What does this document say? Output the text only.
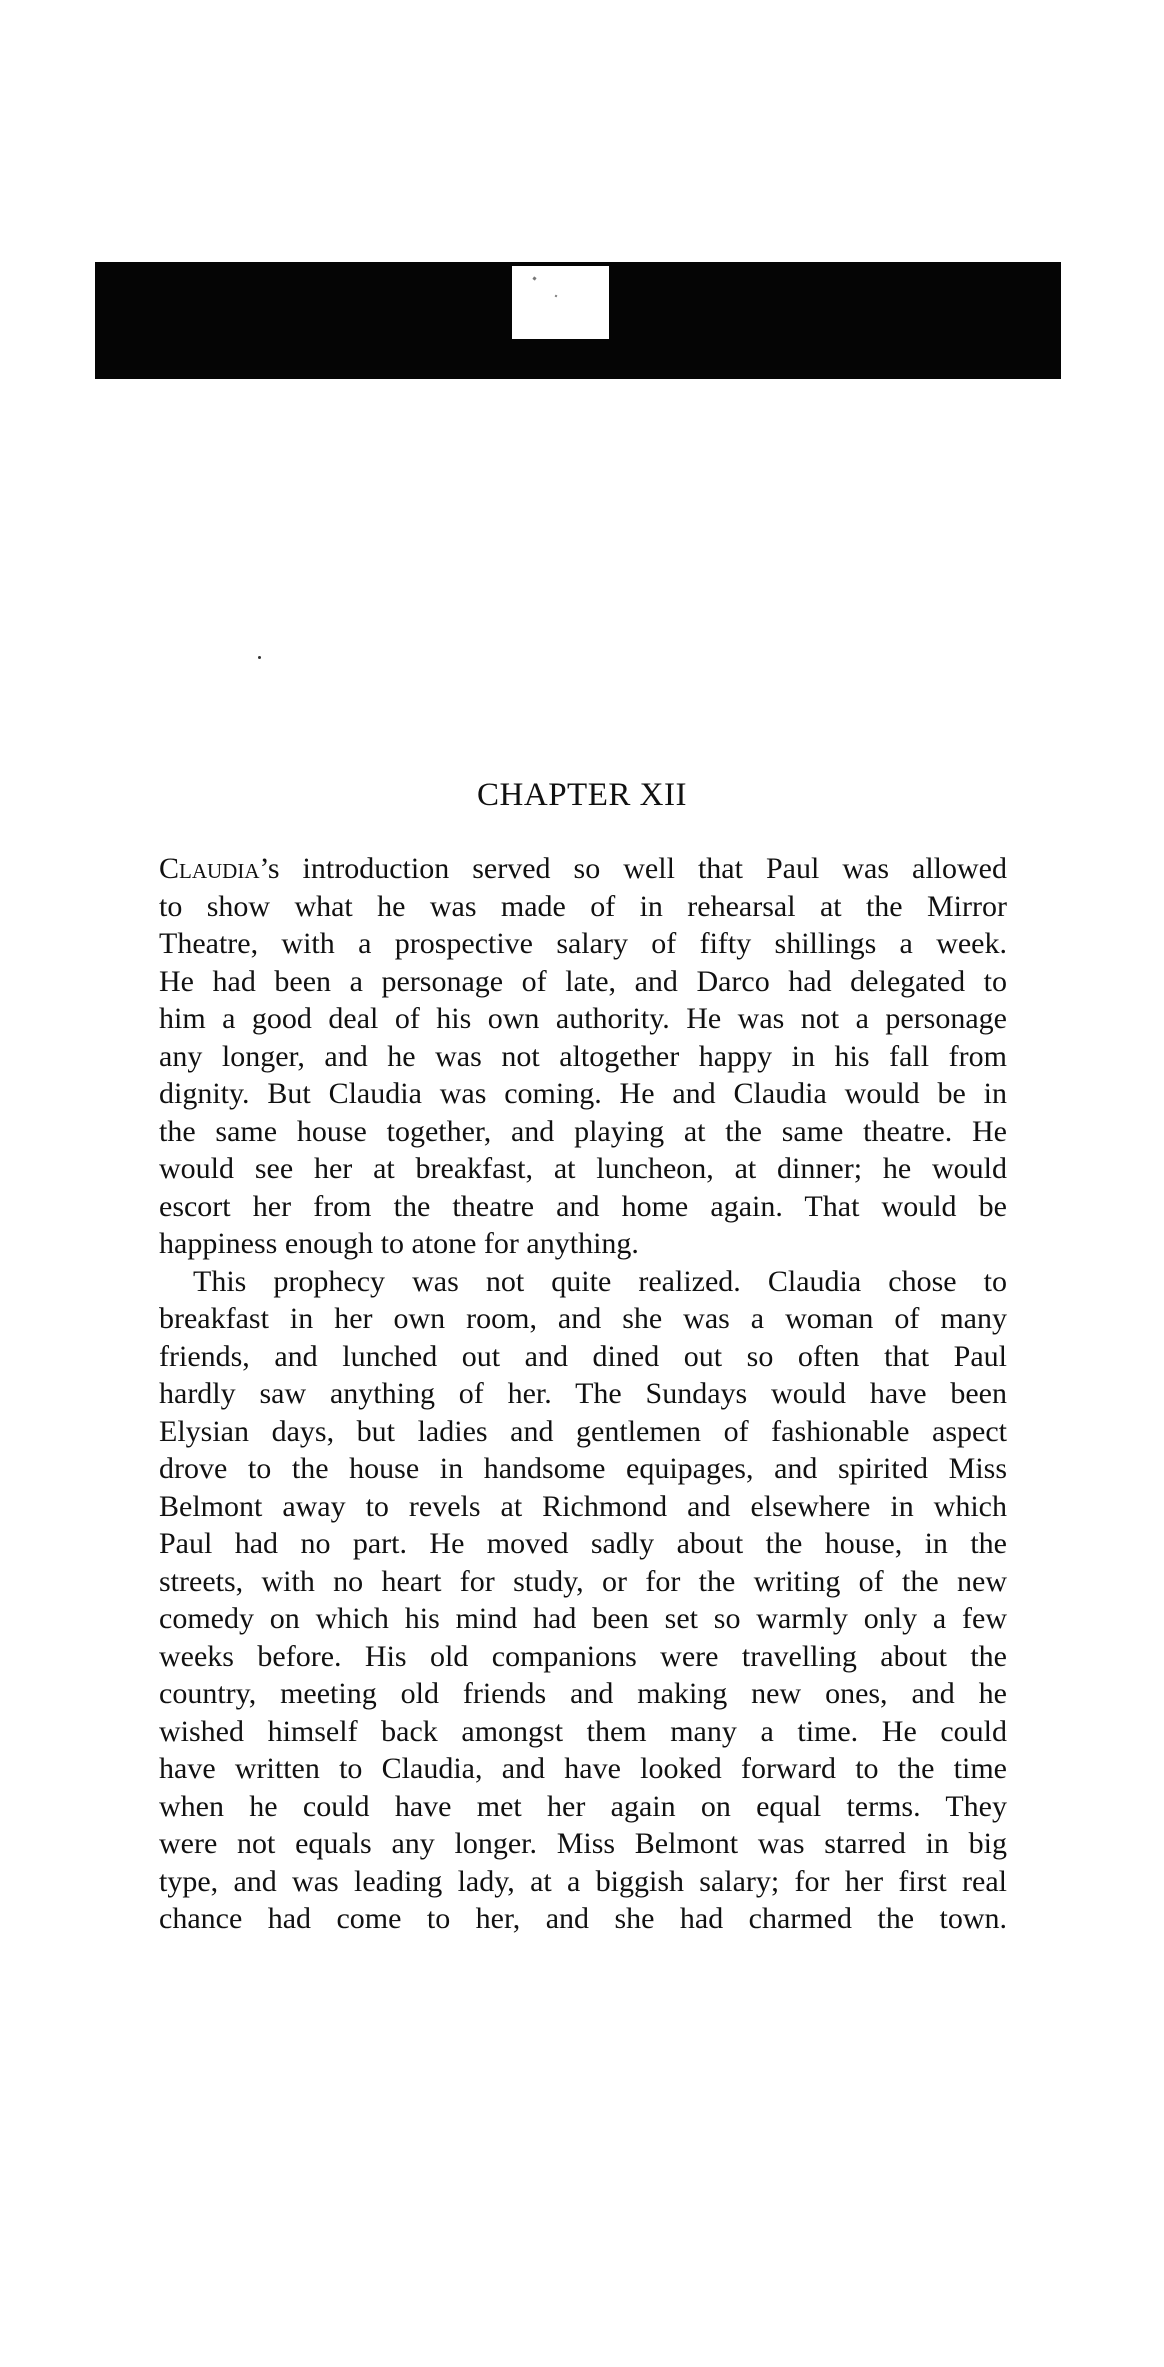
CHAPTER XII
Claudia’s introduction served so well that Paul was allowed
to show what he was made of in rehearsal at the Mirror
Theatre, with a prospective salary of fifty shillings a week.
He had been a personage of late, and Darco had delegated to
him a good deal of his own authority. He was not a personage
any longer, and he was not altogether happy in his fall from
dignity. But Claudia was coming. He and Claudia would be in
the same house together, and playing at the same theatre. He
would see her at breakfast, at luncheon, at dinner; he would
escort her from the theatre and home again. That would be
happiness enough to atone for anything.
This prophecy was not quite realized. Claudia chose to
breakfast in her own room, and she was a woman of many
friends, and lunched out and dined out so often that Paul
hardly saw anything of her. The Sundays would have been
Elysian days, but ladies and gentlemen of fashionable aspect
drove to the house in handsome equipages, and spirited Miss
Belmont away to revels at Richmond and elsewhere in which
Paul had no part. He moved sadly about the house, in the
streets, with no heart for study, or for the writing of the new
comedy on which his mind had been set so warmly only a few
weeks before. His old companions were travelling about the
country, meeting old friends and making new ones, and he
wished himself back amongst them many a time. He could
have written to Claudia, and have looked forward to the time
when he could have met her again on equal terms. They
were not equals any longer. Miss Belmont was starred in big
type, and was leading lady, at a biggish salary; for her first real
chance had come to her, and she had charmed the town.
